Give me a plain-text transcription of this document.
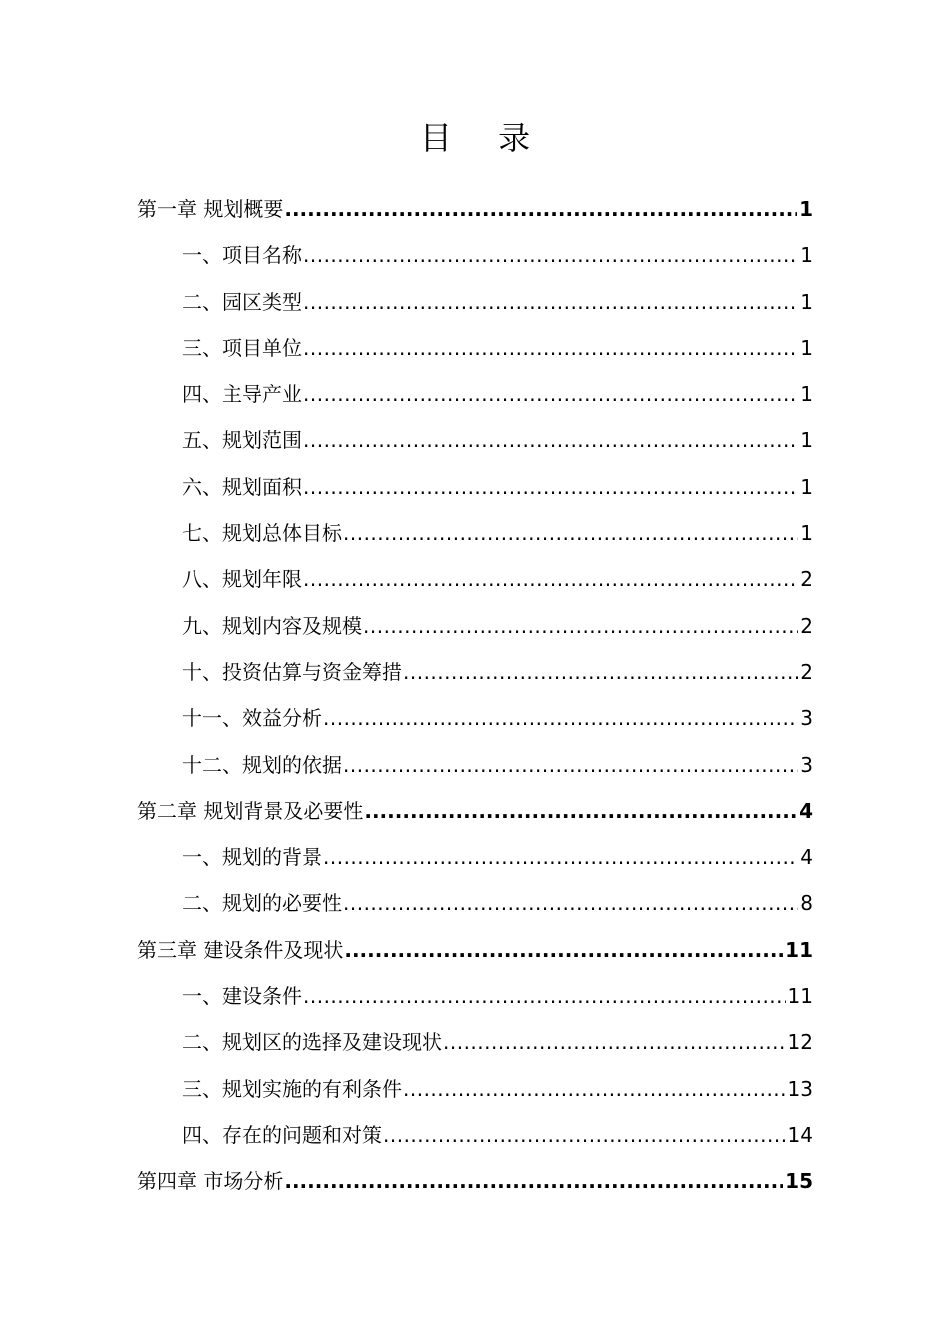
目 录
第一章 规划概要 .....	1
一、项目名称 .....	1
二、园区类型 .....	1
三、项目单位 .....	1
四、主导产业 .....	1
五、规划范围 .....	1
六、规划面积 .....	1
七、规划总体目标 .....	1
八、规划年限 .....	2
九、规划内容及规模 .....	2
十、投资估算与资金筹措 .....	2
十一、效益分析 .....	3
十二、规划的依据 .....	3
第二章 规划背景及必要性 .....	4
一、规划的背景 .....	4
二、规划的必要性 .....	8
第三章 建设条件及现状 .....	11
一、建设条件 .....	11
二、规划区的选择及建设现状 .....	12
三、规划实施的有利条件 .....	13
四、存在的问题和对策 .....	14
第四章 市场分析 .....	15
